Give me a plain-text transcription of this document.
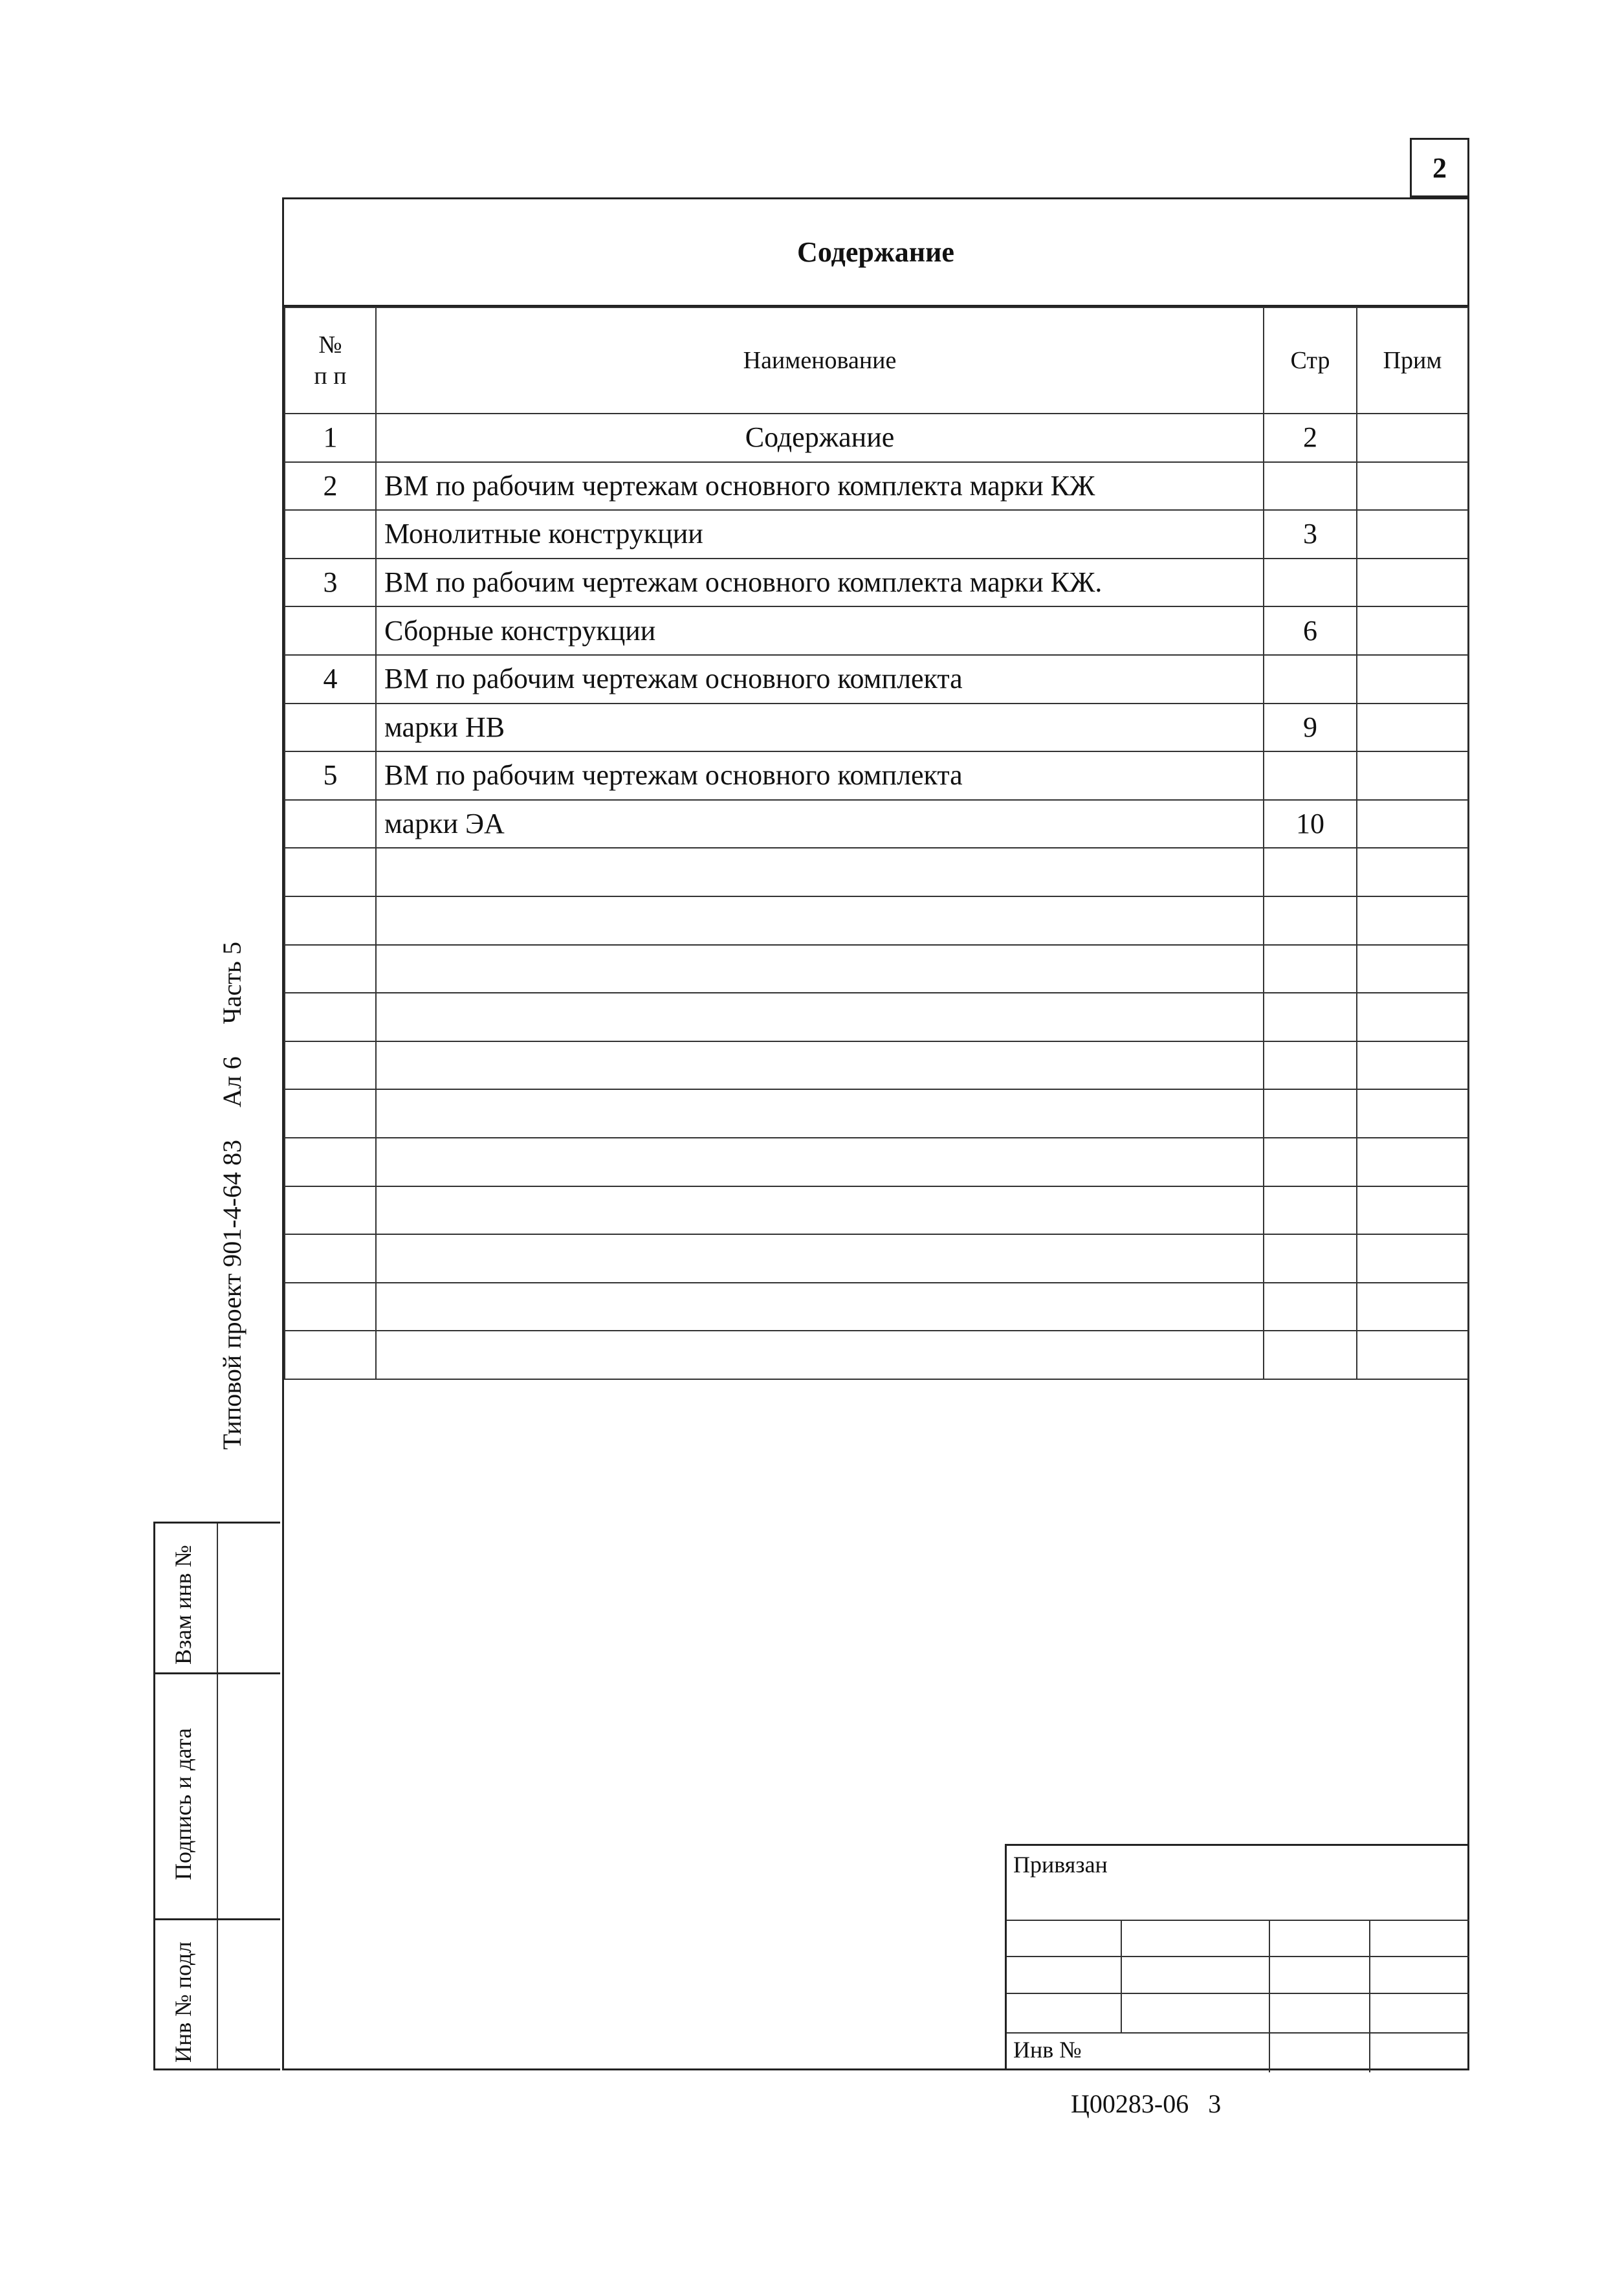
2
Содержание
№
п п	Наименование	Стр	Прим
1	Содержание	2	
2	ВМ по рабочим чертежам основного комплекта марки КЖ		
	Монолитные конструкции	3	
3	ВМ по рабочим чертежам основного комплекта марки КЖ.		
	Сборные конструкции	6	
4	ВМ по рабочим чертежам основного комплекта		
	марки НВ	9	
5	ВМ по рабочим чертежам основного комплекта		
	марки ЭА	10	

Типовой проект 901-4-64 83     Ал 6     Часть 5
Взам инв №
Подпись и дата
Инв № подл
Привязан
Инв №
Ц00283-06   3
